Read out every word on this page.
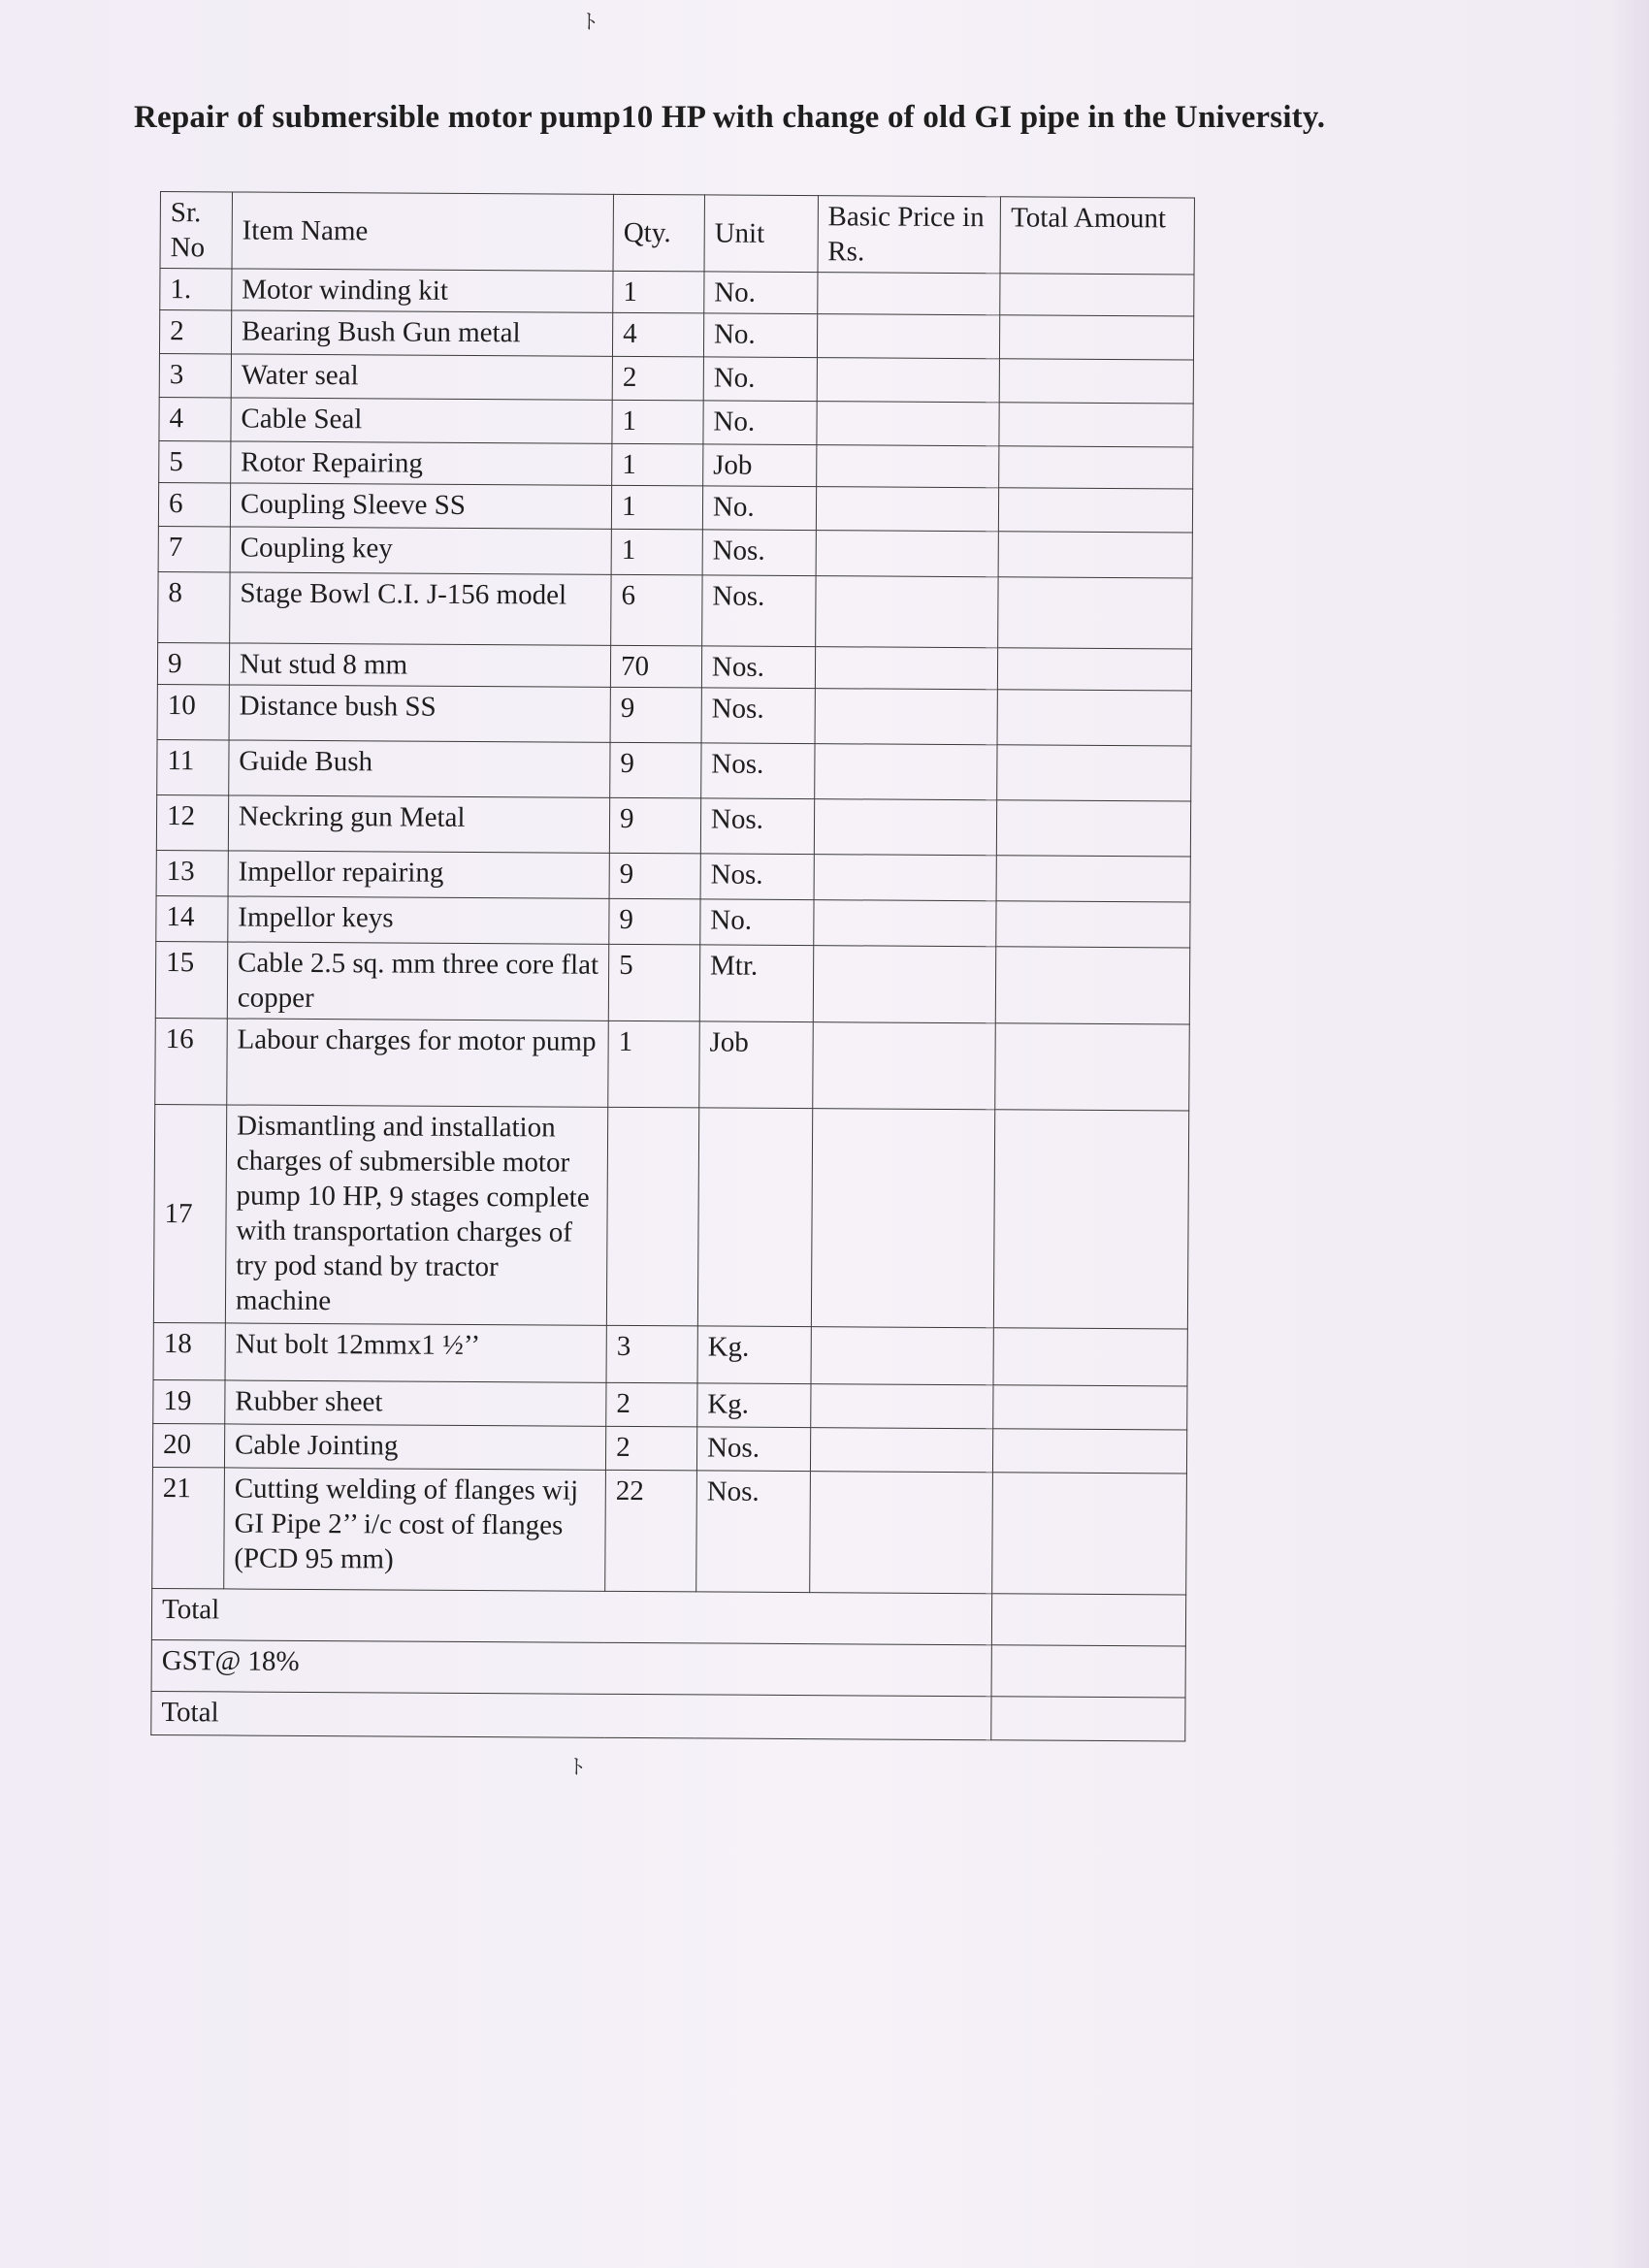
Repair of submersible motor pump10 HP with change of old GI pipe in the University.
Sr. No	Item Name	Qty.	Unit	Basic Price in Rs.	Total Amount
1.	Motor winding kit	1	No.		
2	Bearing Bush Gun metal	4	No.		
3	Water seal	2	No.		
4	Cable Seal	1	No.		
5	Rotor Repairing	1	Job		
6	Coupling Sleeve SS	1	No.		
7	Coupling key	1	Nos.		
8	Stage Bowl C.I. J-156 model	6	Nos.		
9	Nut stud 8 mm	70	Nos.		
10	Distance bush SS	9	Nos.		
11	Guide Bush	9	Nos.		
12	Neckring gun Metal	9	Nos.		
13	Impellor repairing	9	Nos.		
14	Impellor keys	9	No.		
15	Cable 2.5 sq. mm three core flat copper	5	Mtr.		
16	Labour charges for motor pump	1	Job		
17	Dismantling and installation charges of submersible motor pump 10 HP, 9 stages complete with transportation charges of try pod stand by tractor machine				
18	Nut bolt 12mmx1 ½’’	3	Kg.		
19	Rubber sheet	2	Kg.		
20	Cable Jointing	2	Nos.		
21	Cutting welding of flanges wij GI Pipe 2’’ i/c cost of flanges (PCD 95 mm)	22	Nos.		
Total					
GST@ 18%					
Total					
ﾄ
ﾄ
